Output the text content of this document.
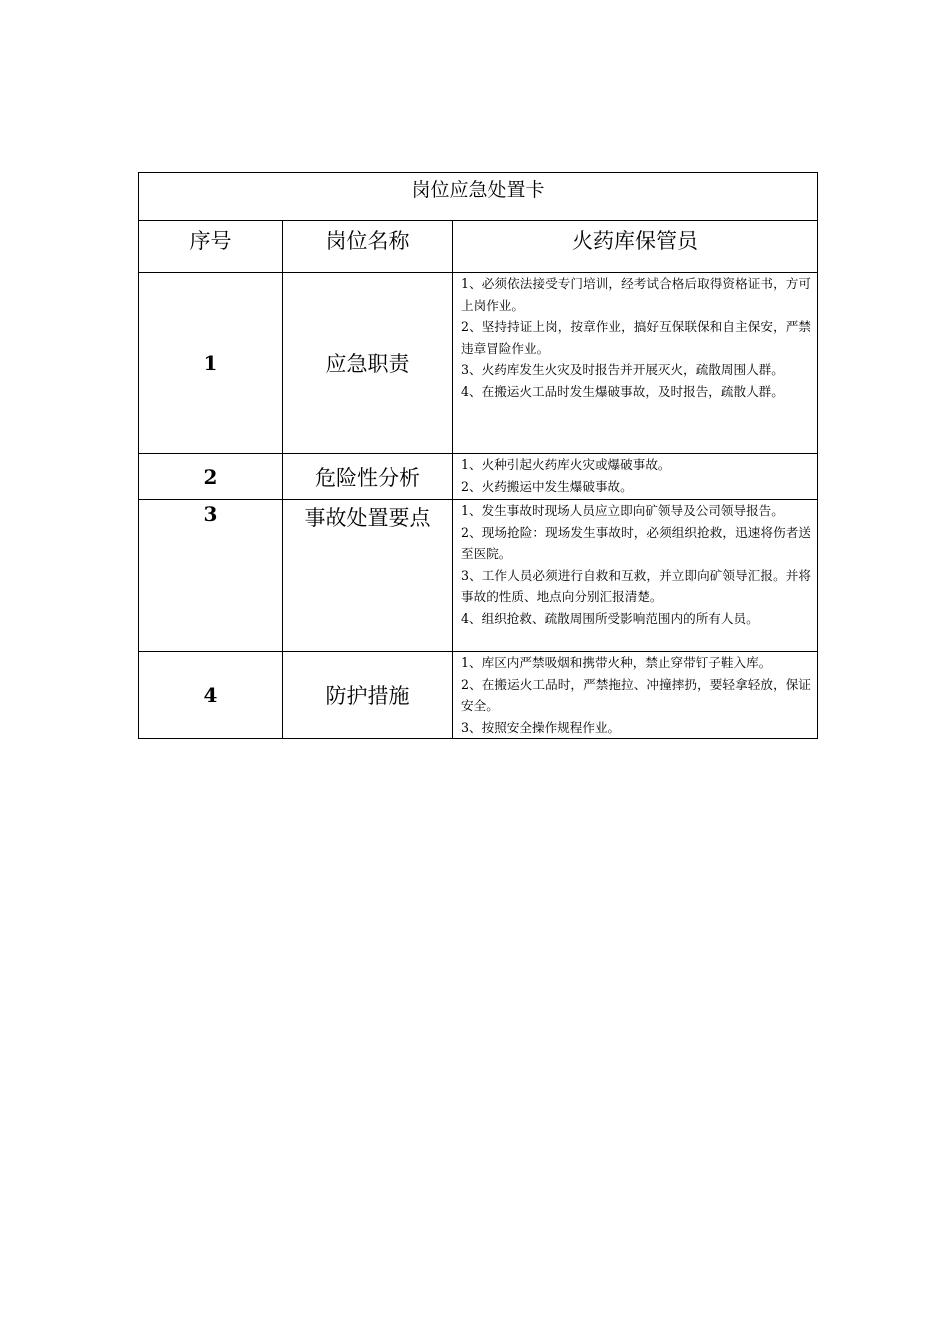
岗位应急处置卡		
序号	岗位名称	火药库保管员
1	应急职责	1、必须依法接受专门培训，经考试合格后取得资格证书，方可上岗作业。

2、坚持持证上岗，按章作业，搞好互保联保和自主保安，严禁违章冒险作业。

3、火药库发生火灾及时报告并开展灭火，疏散周围人群。

4、在搬运火工品时发生爆破事故，及时报告，疏散人群。

2	危险性分析	1、火种引起火药库火灾或爆破事故。

2、火药搬运中发生爆破事故。

3	事故处置要点	1、发生事故时现场人员应立即向矿领导及公司领导报告。

2、现场抢险：现场发生事故时，必须组织抢救，迅速将伤者送至医院。

3、工作人员必须进行自救和互救，并立即向矿领导汇报。并将事故的性质、地点向分别汇报清楚。

4、组织抢救、疏散周围所受影响范围内的所有人员。

4	防护措施	1、库区内严禁吸烟和携带火种，禁止穿带钉子鞋入库。

2、在搬运火工品时，严禁拖拉、冲撞摔扔，要轻拿轻放，保证安全。

3、按照安全操作规程作业。
